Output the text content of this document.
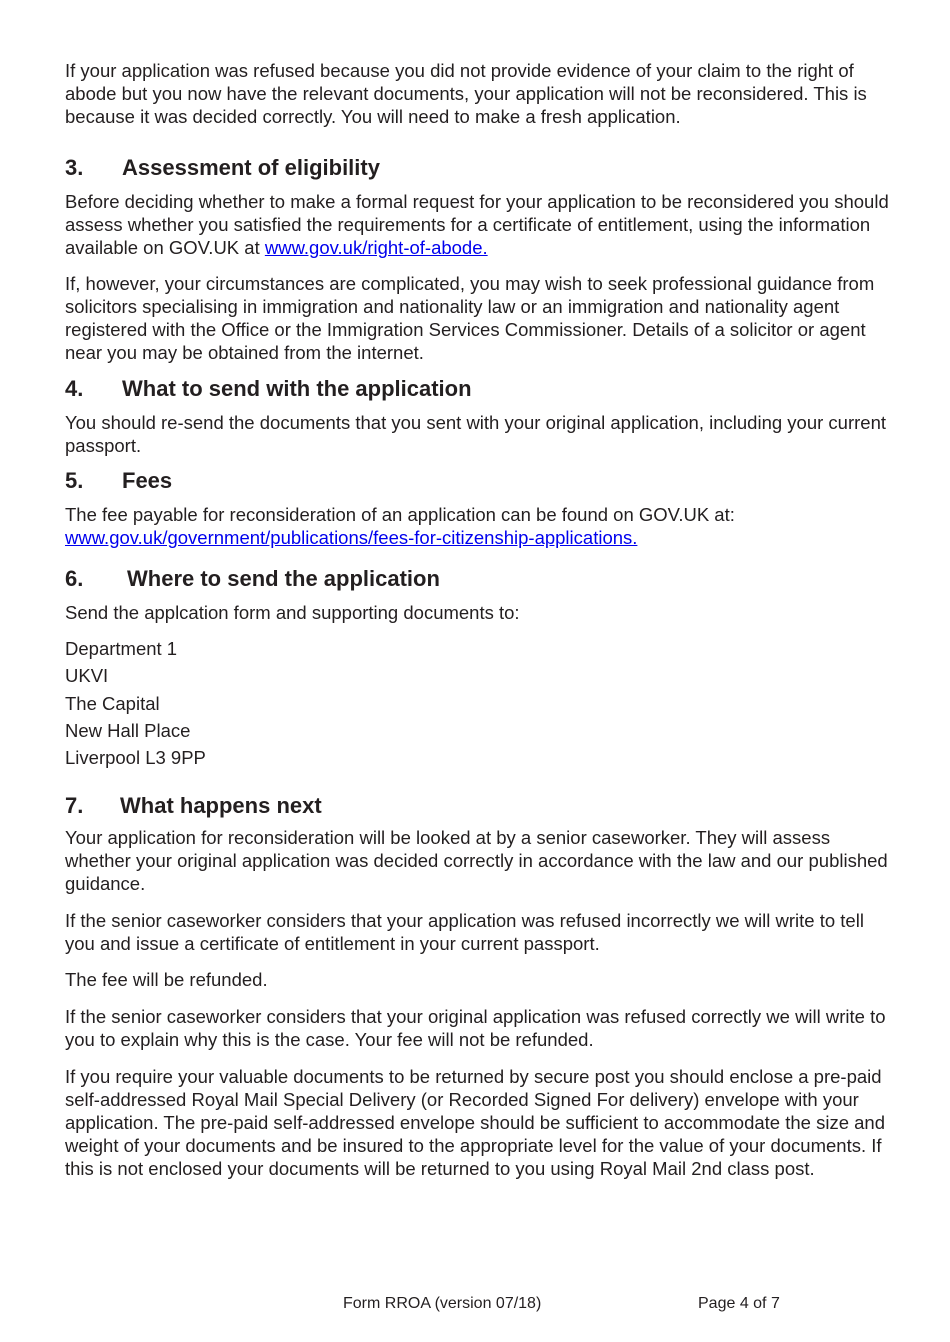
If your application was refused because you did not provide evidence of your claim to the right of abode but you now have the relevant documents, your application will not be reconsidered. This is because it was decided correctly. You will need to make a fresh application.

3. Assessment of eligibility

Before deciding whether to make a formal request for your application to be reconsidered you should assess whether you satisfied the requirements for a certificate of entitlement, using the information available on GOV.UK at www.gov.uk/right-of-abode.

If, however, your circumstances are complicated, you may wish to seek professional guidance from solicitors specialising in immigration and nationality law or an immigration and nationality agent registered with the Office or the Immigration Services Commissioner. Details of a solicitor or agent near you may be obtained from the internet.

4. What to send with the application

You should re-send the documents that you sent with your original application, including your current passport.

5. Fees

The fee payable for reconsideration of an application can be found on GOV.UK at:
www.gov.uk/government/publications/fees-for-citizenship-applications.

6. Where to send the application

Send the applcation form and supporting documents to:

Department 1
UKVI
The Capital
New Hall Place
Liverpool L3 9PP
7. What happens next

Your application for reconsideration will be looked at by a senior caseworker. They will assess whether your original application was decided correctly in accordance with the law and our published guidance.

If the senior caseworker considers that your application was refused incorrectly we will write to tell you and issue a certificate of entitlement in your current passport.

The fee will be refunded.

If the senior caseworker considers that your original application was refused correctly we will write to you to explain why this is the case. Your fee will not be refunded.

If you require your valuable documents to be returned by secure post you should enclose a pre-paid self-addressed Royal Mail Special Delivery (or Recorded Signed For delivery) envelope with your application. The pre-paid self-addressed envelope should be sufficient to accommodate the size and weight of your documents and be insured to the appropriate level for the value of your documents. If this is not enclosed your documents will be returned to you using Royal Mail 2nd class post.

Form RROA (version 07/18)	Page 4 of 7
